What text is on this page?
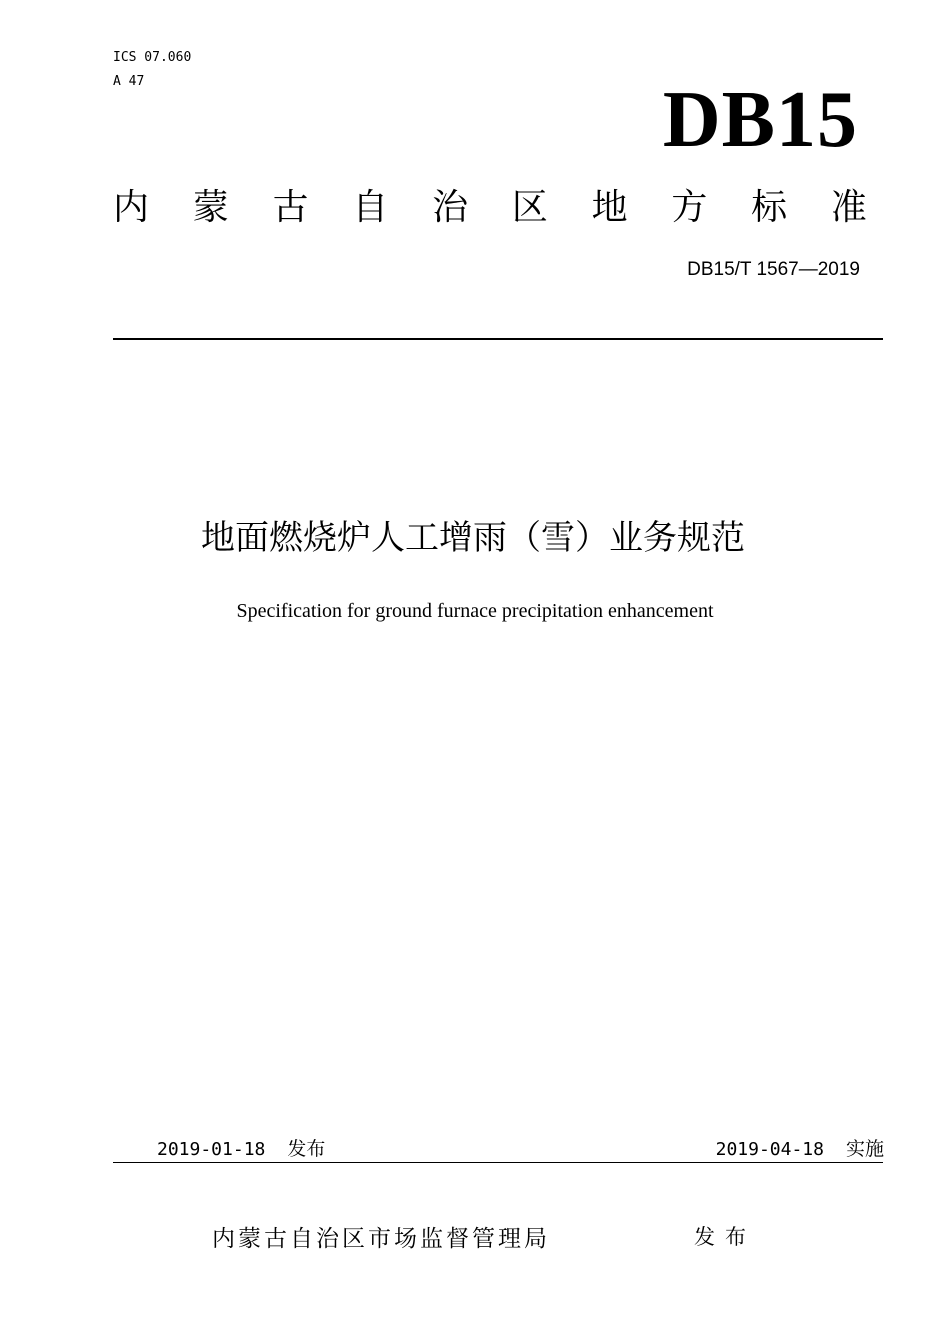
ICS 07.060
A 47	DB15
内 蒙 古 自 治 区 地 方 标 准
DB15/T 1567—2019
地面燃烧炉人工增雨（雪）业务规范
Specification for ground furnace precipitation enhancement
2019-01-18 发布	2019-04-18 实施
内蒙古自治区市场监督管理局	发布
